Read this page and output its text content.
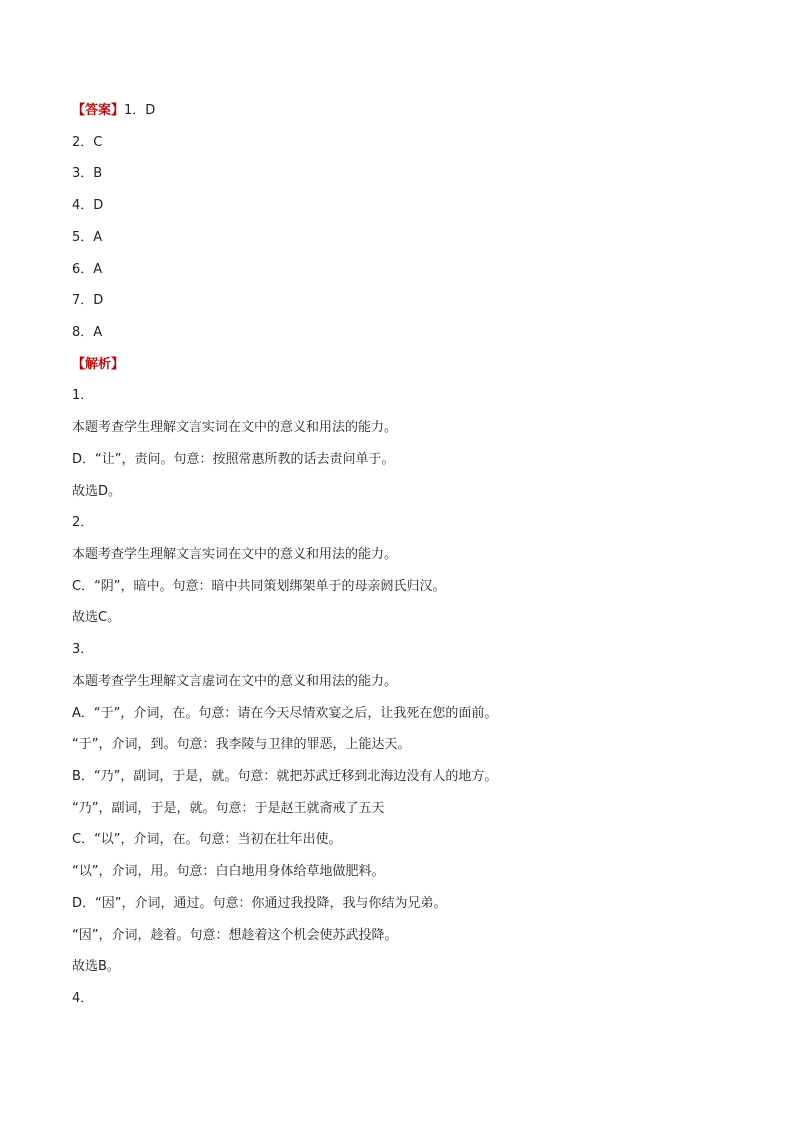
【答案】1．D
2．C
3．B
4．D
5．A
6．A
7．D
8．A
【解析】
1．
本题考查学生理解文言实词在文中的意义和用法的能力。
D．“让”，责问。句意：按照常惠所教的话去责问单于。
故选D。
2．
本题考查学生理解文言实词在文中的意义和用法的能力。
C．“阴”，暗中。句意：暗中共同策划绑架单于的母亲阏氏归汉。
故选C。
3．
本题考查学生理解文言虚词在文中的意义和用法的能力。
A．“于”，介词，在。句意：请在今天尽情欢宴之后，让我死在您的面前。
“于”，介词，到。句意：我李陵与卫律的罪恶，上能达天。
B．“乃”，副词，于是，就。句意：就把苏武迁移到北海边没有人的地方。
“乃”，副词，于是，就。句意：于是赵王就斋戒了五天
C．“以”，介词，在。句意：当初在壮年出使。
“以”，介词，用。句意：白白地用身体给草地做肥料。
D．“因”，介词，通过。句意：你通过我投降，我与你结为兄弟。
“因”，介词，趁着。句意：想趁着这个机会使苏武投降。
故选B。
4．
